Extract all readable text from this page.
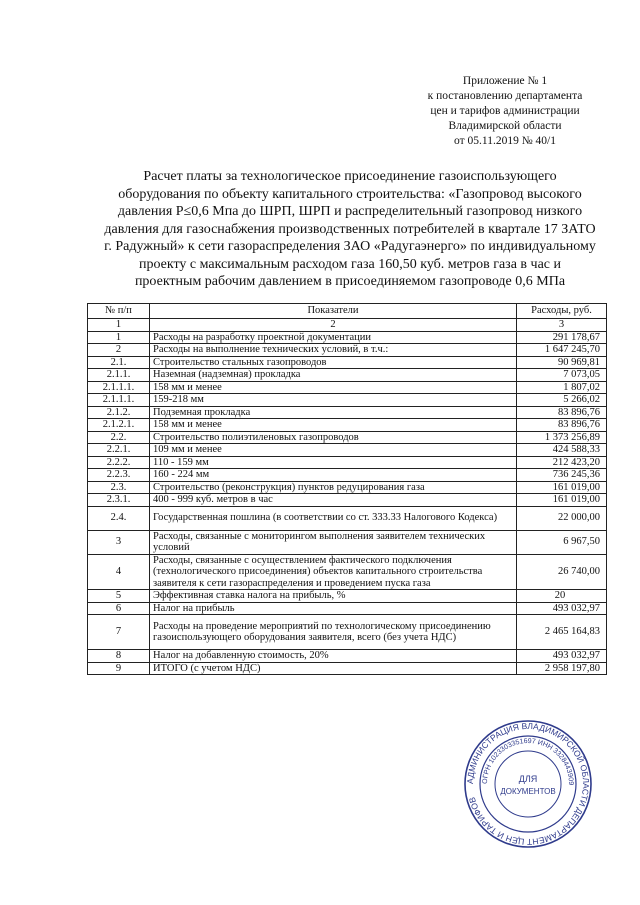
Приложение № 1
к постановлению департамента
цен и тарифов администрации
Владимирской области
от 05.11.2019 № 40/1
Расчет платы за технологическое присоединение газоиспользующего
оборудования по объекту капитального строительства: «Газопровод высокого
давления Р≤0,6 Мпа до ШРП, ШРП и распределительный газопровод низкого
давления для газоснабжения производственных потребителей в квартале 17 ЗАТО
г. Радужный» к сети газораспределения ЗАО «Радугаэнерго» по индивидуальному
проекту с максимальным расходом газа 160,50 куб. метров газа в час и
проектным рабочим давлением в присоединяемом газопроводе 0,6 МПа
№ п/п	Показатели	Расходы, руб.
1	2	3
1	Расходы на разработку проектной документации	291 178,67
2	Расходы на выполнение технических условий, в т.ч.:	1 647 245,70
2.1.	Строительство стальных газопроводов	90 969,81
2.1.1.	Наземная (надземная) прокладка	7 073,05
2.1.1.1.	158 мм и менее	1 807,02
2.1.1.1.	159-218 мм	5 266,02
2.1.2.	Подземная прокладка	83 896,76
2.1.2.1.	158 мм и менее	83 896,76
2.2.	Строительство полиэтиленовых газопроводов	1 373 256,89
2.2.1.	109 мм и менее	424 588,33
2.2.2.	110 - 159 мм	212 423,20
2.2.3.	160 - 224 мм	736 245,36
2.3.	Строительство (реконструкция) пунктов редуцирования газа	161 019,00
2.3.1.	400 - 999 куб. метров в час	161 019,00
2.4.	Государственная пошлина (в соответствии со ст. 333.33 Налогового Кодекса)	22 000,00
3	Расходы, связанные с мониторингом выполнения заявителем технических условий	6 967,50
4	Расходы, связанные с осуществлением фактического подключения (технологического присоединения) объектов капитального строительства заявителя к сети газораспределения и проведением пуска газа	26 740,00
5	Эффективная ставка налога на прибыль, %	20
6	Налог на прибыль	493 032,97
7	Расходы на проведение мероприятий по технологическому присоединению газоиспользующего оборудования заявителя, всего (без учета НДС)	2 465 164,83
8	Налог на добавленную стоимость, 20%	493 032,97
9	ИТОГО (с учетом НДС)	2 958 197,80
АДМИНИСТРАЦИЯ ВЛАДИМИРСКОЙ ОБЛАСТИ ДЕПАРТАМЕНТ ЦЕН И ТАРИФОВ
ОГРН 1023303351697 ИНН 3328443909
ДЛЯ
ДОКУМЕНТОВ
